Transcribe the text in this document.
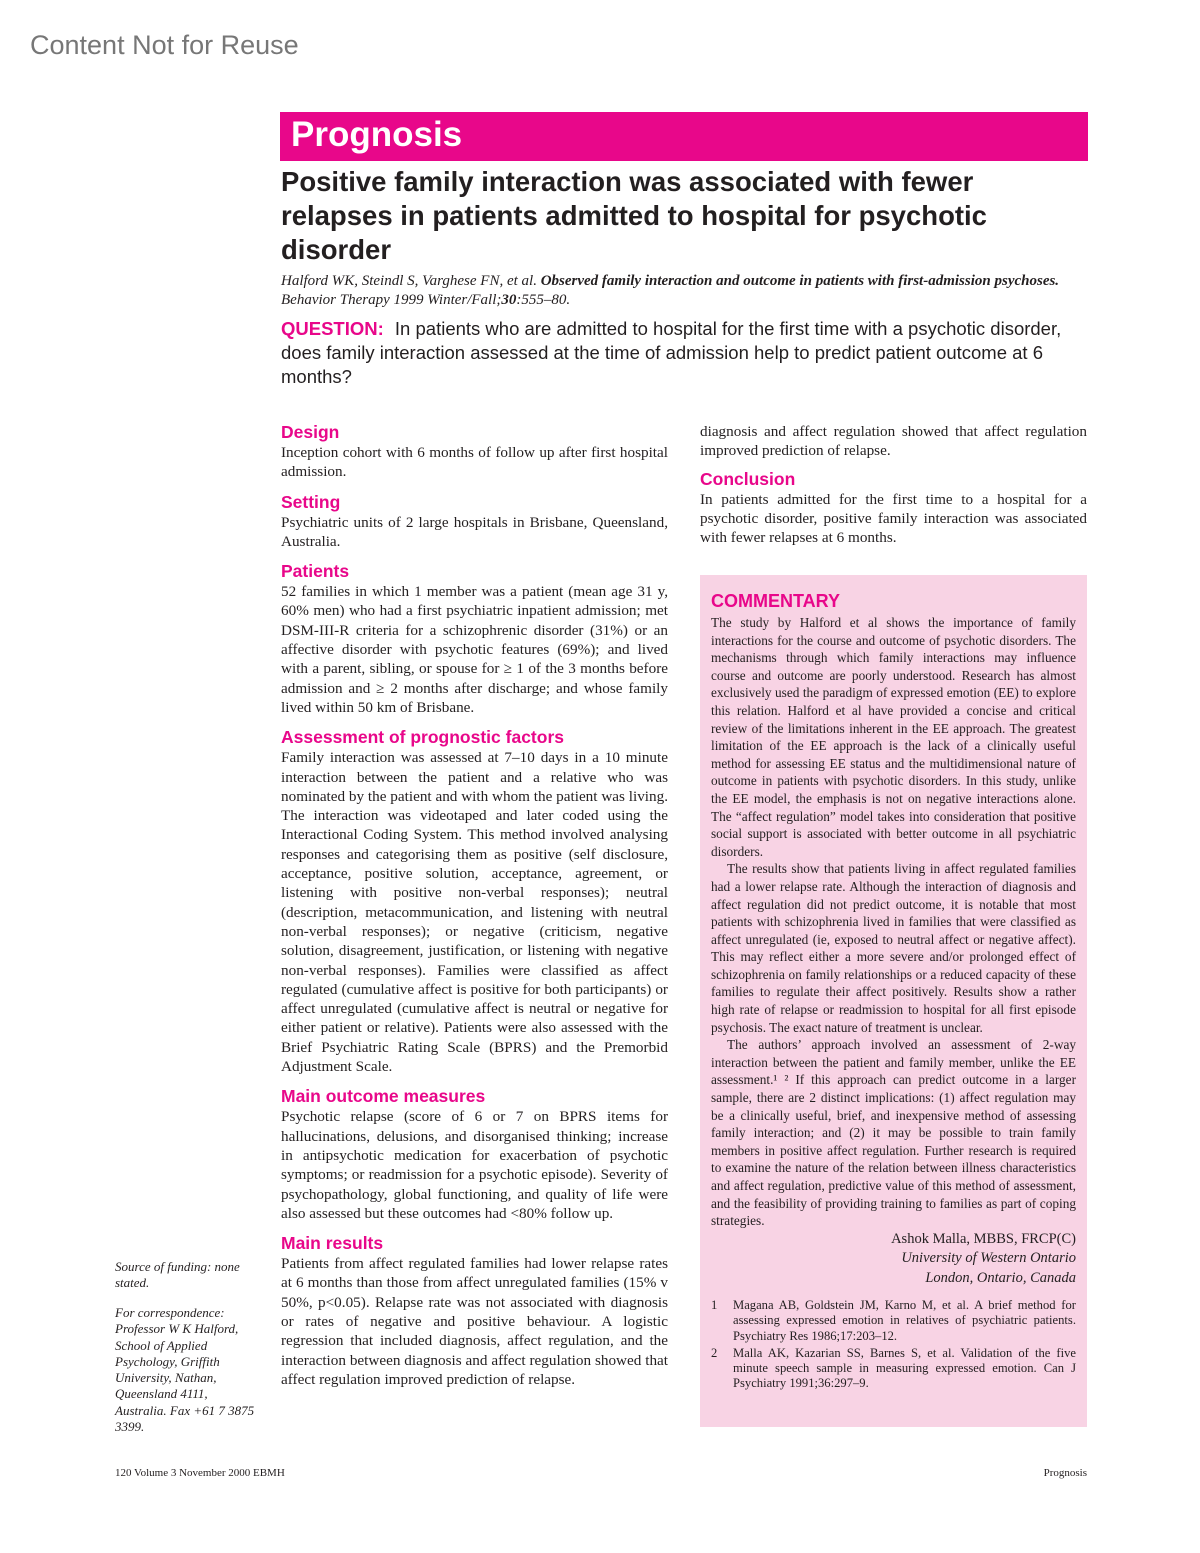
Content Not for Reuse
Prognosis
Positive family interaction was associated with fewer relapses in patients admitted to hospital for psychotic disorder
Halford WK, Steindl S, Varghese FN, et al. Observed family interaction and outcome in patients with first-admission psychoses. Behavior Therapy 1999 Winter/Fall;30:555–80.
QUESTION: In patients who are admitted to hospital for the first time with a psychotic disorder, does family interaction assessed at the time of admission help to predict patient outcome at 6 months?
Design

Inception cohort with 6 months of follow up after first hospital admission.

Setting

Psychiatric units of 2 large hospitals in Brisbane, Queensland, Australia.

Patients

52 families in which 1 member was a patient (mean age 31 y, 60% men) who had a first psychiatric inpatient admission; met DSM-III-R criteria for a schizophrenic disorder (31%) or an affective disorder with psychotic features (69%); and lived with a parent, sibling, or spouse for ≥ 1 of the 3 months before admission and ≥ 2 months after discharge; and whose family lived within 50 km of Brisbane.

Assessment of prognostic factors

Family interaction was assessed at 7–10 days in a 10 minute interaction between the patient and a relative who was nominated by the patient and with whom the patient was living. The interaction was videotaped and later coded using the Interactional Coding System. This method involved analysing responses and categorising them as positive (self disclosure, acceptance, positive solution, acceptance, agreement, or listening with positive non-verbal responses); neutral (description, metacommunication, and listening with neutral non-verbal responses); or negative (criticism, negative solution, disagreement, justification, or listening with negative non-verbal responses). Families were classified as affect regulated (cumulative affect is positive for both participants) or affect unregulated (cumulative affect is neutral or negative for either patient or relative). Patients were also assessed with the Brief Psychiatric Rating Scale (BPRS) and the Premorbid Adjustment Scale.

Main outcome measures

Psychotic relapse (score of 6 or 7 on BPRS items for hallucinations, delusions, and disorganised thinking; increase in antipsychotic medication for exacerbation of psychotic symptoms; or readmission for a psychotic episode). Severity of psychopathology, global functioning, and quality of life were also assessed but these outcomes had <80% follow up.

Main results

Patients from affect regulated families had lower relapse rates at 6 months than those from affect unregulated families (15% v 50%, p<0.05). Relapse rate was not associated with diagnosis or rates of negative and positive behaviour. A logistic regression that included diagnosis, affect regulation, and the interaction between diagnosis and affect regulation showed that affect regulation improved prediction of relapse.

diagnosis and affect regulation showed that affect regulation improved prediction of relapse.

Conclusion

In patients admitted for the first time to a hospital for a psychotic disorder, positive family interaction was associated with fewer relapses at 6 months.

COMMENTARY

The study by Halford et al shows the importance of family interactions for the course and outcome of psychotic disorders. The mechanisms through which family interactions may influence course and outcome are poorly understood. Research has almost exclusively used the paradigm of expressed emotion (EE) to explore this relation. Halford et al have provided a concise and critical review of the limitations inherent in the EE approach. The greatest limitation of the EE approach is the lack of a clinically useful method for assessing EE status and the multidimensional nature of outcome in patients with psychotic disorders. In this study, unlike the EE model, the emphasis is not on negative interactions alone. The “affect regulation” model takes into consideration that positive social support is associated with better outcome in all psychiatric disorders.

The results show that patients living in affect regulated families had a lower relapse rate. Although the interaction of diagnosis and affect regulation did not predict outcome, it is notable that most patients with schizophrenia lived in families that were classified as affect unregulated (ie, exposed to neutral affect or negative affect). This may reflect either a more severe and/or prolonged effect of schizophrenia on family relationships or a reduced capacity of these families to regulate their affect positively. Results show a rather high rate of relapse or readmission to hospital for all first episode psychosis. The exact nature of treatment is unclear.

The authors’ approach involved an assessment of 2-way interaction between the patient and family member, unlike the EE assessment.¹ ² If this approach can predict outcome in a larger sample, there are 2 distinct implications: (1) affect regulation may be a clinically useful, brief, and inexpensive method of assessing family interaction; and (2) it may be possible to train family members in positive affect regulation. Further research is required to examine the nature of the relation between illness characteristics and affect regulation, predictive value of this method of assessment, and the feasibility of providing training to families as part of coping strategies.

Ashok Malla, MBBS, FRCP(C)
University of Western Ontario
London, Ontario, Canada
1	Magana AB, Goldstein JM, Karno M, et al. A brief method for assessing expressed emotion in relatives of psychiatric patients. Psychiatry Res 1986;17:203–12.
2	Malla AK, Kazarian SS, Barnes S, et al. Validation of the five minute speech sample in measuring expressed emotion. Can J Psychiatry 1991;36:297–9.
Source of funding: none stated.
For correspondence: Professor W K Halford, School of Applied Psychology, Griffith University, Nathan, Queensland 4111, Australia. Fax +61 7 3875 3399.
120 Volume 3 November 2000 EBMH	Prognosis
